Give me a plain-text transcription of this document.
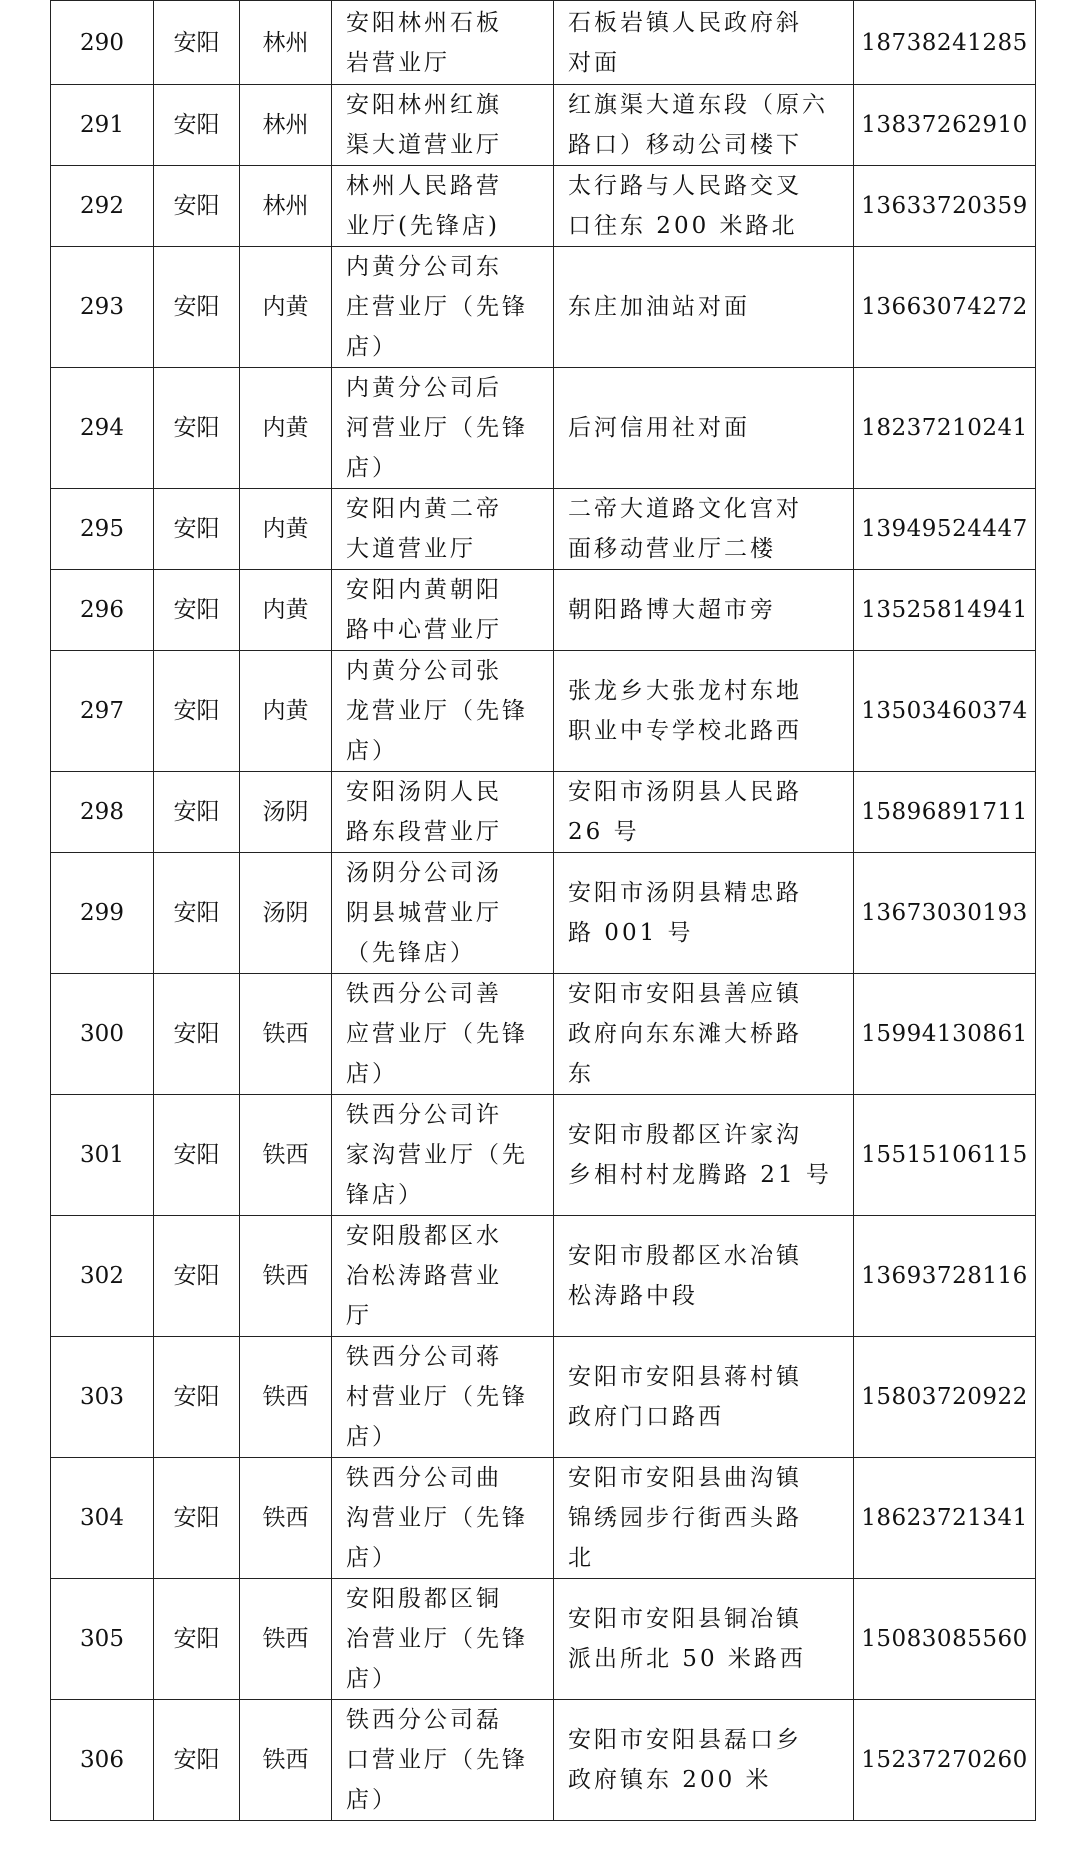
290	安阳	林州	安阳林州石板
岩营业厅	石板岩镇人民政府斜
对面	18738241285
291	安阳	林州	安阳林州红旗
渠大道营业厅	红旗渠大道东段（原六
路口）移动公司楼下	13837262910
292	安阳	林州	林州人民路营
业厅(先锋店)	太行路与人民路交叉
口往东 200 米路北	13633720359
293	安阳	内黄	内黄分公司东
庄营业厅（先锋
店）	东庄加油站对面	13663074272
294	安阳	内黄	内黄分公司后
河营业厅（先锋
店）	后河信用社对面	18237210241
295	安阳	内黄	安阳内黄二帝
大道营业厅	二帝大道路文化宫对
面移动营业厅二楼	13949524447
296	安阳	内黄	安阳内黄朝阳
路中心营业厅	朝阳路博大超市旁	13525814941
297	安阳	内黄	内黄分公司张
龙营业厅（先锋
店）	张龙乡大张龙村东地
职业中专学校北路西	13503460374
298	安阳	汤阴	安阳汤阴人民
路东段营业厅	安阳市汤阴县人民路
26 号	15896891711
299	安阳	汤阴	汤阴分公司汤
阴县城营业厅
（先锋店）	安阳市汤阴县精忠路
路 001 号	13673030193
300	安阳	铁西	铁西分公司善
应营业厅（先锋
店）	安阳市安阳县善应镇
政府向东东滩大桥路
东	15994130861
301	安阳	铁西	铁西分公司许
家沟营业厅（先
锋店）	安阳市殷都区许家沟
乡相村村龙腾路 21 号	15515106115
302	安阳	铁西	安阳殷都区水
冶松涛路营业
厅	安阳市殷都区水冶镇
松涛路中段	13693728116
303	安阳	铁西	铁西分公司蒋
村营业厅（先锋
店）	安阳市安阳县蒋村镇
政府门口路西	15803720922
304	安阳	铁西	铁西分公司曲
沟营业厅（先锋
店）	安阳市安阳县曲沟镇
锦绣园步行街西头路
北	18623721341
305	安阳	铁西	安阳殷都区铜
冶营业厅（先锋
店）	安阳市安阳县铜冶镇
派出所北 50 米路西	15083085560
306	安阳	铁西	铁西分公司磊
口营业厅（先锋
店）	安阳市安阳县磊口乡
政府镇东 200 米	15237270260
